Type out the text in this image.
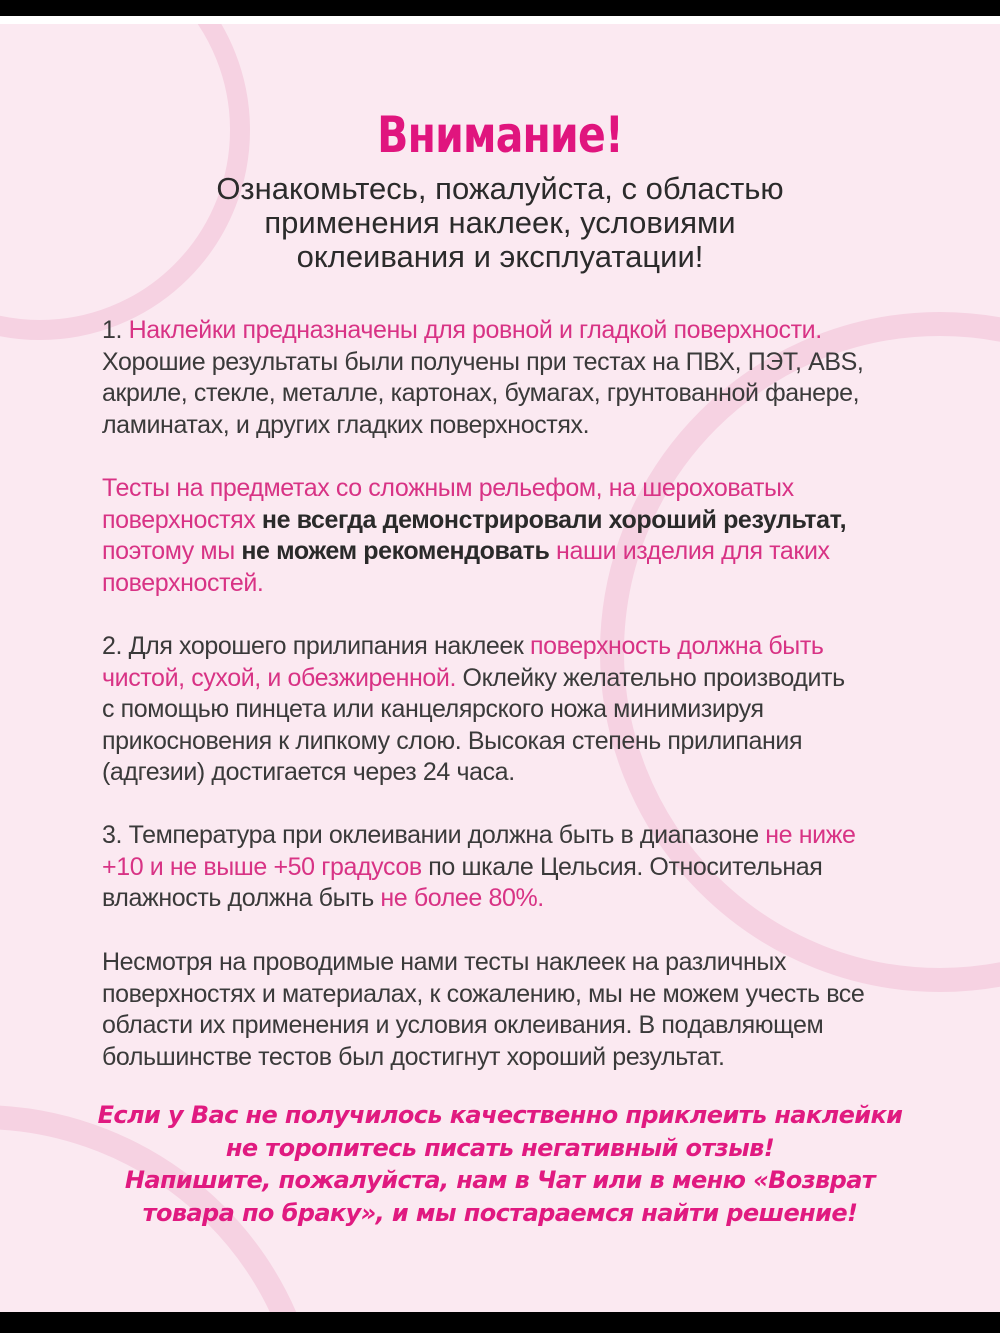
Внимание!
Ознакомьтесь, пожалуйста, с областью
применения наклеек, условиями
оклеивания и эксплуатации!
1. Наклейки предназначены для ровной и гладкой поверхности.
Хорошие результаты были получены при тестах на ПВХ, ПЭТ, ABS,
акриле, стекле, металле, картонах, бумагах, грунтованной фанере,
ламинатах, и других гладких поверхностях.
Тесты на предметах со сложным рельефом, на шероховатых
поверхностях не всегда демонстрировали хороший результат,
поэтому мы не можем рекомендовать наши изделия для таких
поверхностей.
2. Для хорошего прилипания наклеек поверхность должна быть
чистой, сухой, и обезжиренной. Оклейку желательно производить
с помощью пинцета или канцелярского ножа минимизируя
прикосновения к липкому слою. Высокая степень прилипания
(адгезии) достигается через 24 часа.
3. Температура при оклеивании должна быть в диапазоне не ниже
+10 и не выше +50 градусов по шкале Цельсия. Относительная
влажность должна быть не более 80%.
Несмотря на проводимые нами тесты наклеек на различных
поверхностях и материалах, к сожалению, мы не можем учесть все
области их применения и условия оклеивания. В подавляющем
большинстве тестов был достигнут хороший результат.
Если у Вас не получилось качественно приклеить наклейки
не торопитесь писать негативный отзыв!
Напишите, пожалуйста, нам в Чат или в меню «Возврат
товара по браку», и мы постараемся найти решение!
